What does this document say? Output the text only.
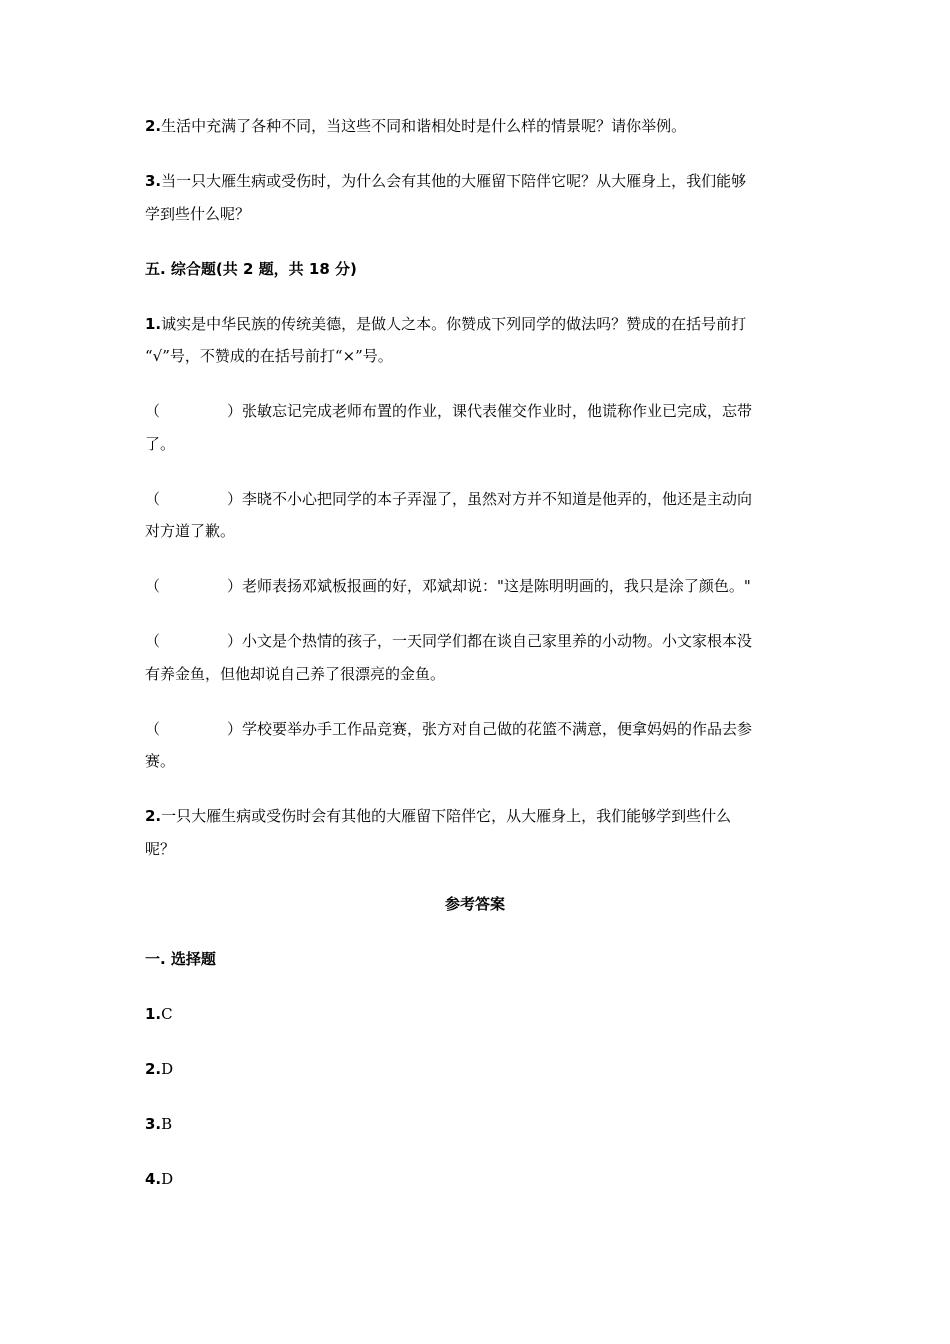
2.生活中充满了各种不同，当这些不同和谐相处时是什么样的情景呢？请你举例。
3.当一只大雁生病或受伤时，为什么会有其他的大雁留下陪伴它呢？从大雁身上，我们能够
学到些什么呢？
五. 综合题(共 2 题，共 18 分)
1.诚实是中华民族的传统美德，是做人之本。你赞成下列同学的做法吗？赞成的在括号前打
“√”号，不赞成的在括号前打“×”号。
（	）张敏忘记完成老师布置的作业，课代表催交作业时，他谎称作业已完成，忘带
了。
（	）李晓不小心把同学的本子弄湿了，虽然对方并不知道是他弄的，他还是主动向
对方道了歉。
（	）老师表扬邓斌板报画的好，邓斌却说："这是陈明明画的，我只是涂了颜色。"
（	）小文是个热情的孩子，一天同学们都在谈自己家里养的小动物。小文家根本没
有养金鱼，但他却说自己养了很漂亮的金鱼。
（	）学校要举办手工作品竞赛，张方对自己做的花篮不满意，便拿妈妈的作品去参
赛。
2.一只大雁生病或受伤时会有其他的大雁留下陪伴它，从大雁身上，我们能够学到些什么
呢？
参考答案
一. 选择题
1.C
2.D
3.B
4.D
